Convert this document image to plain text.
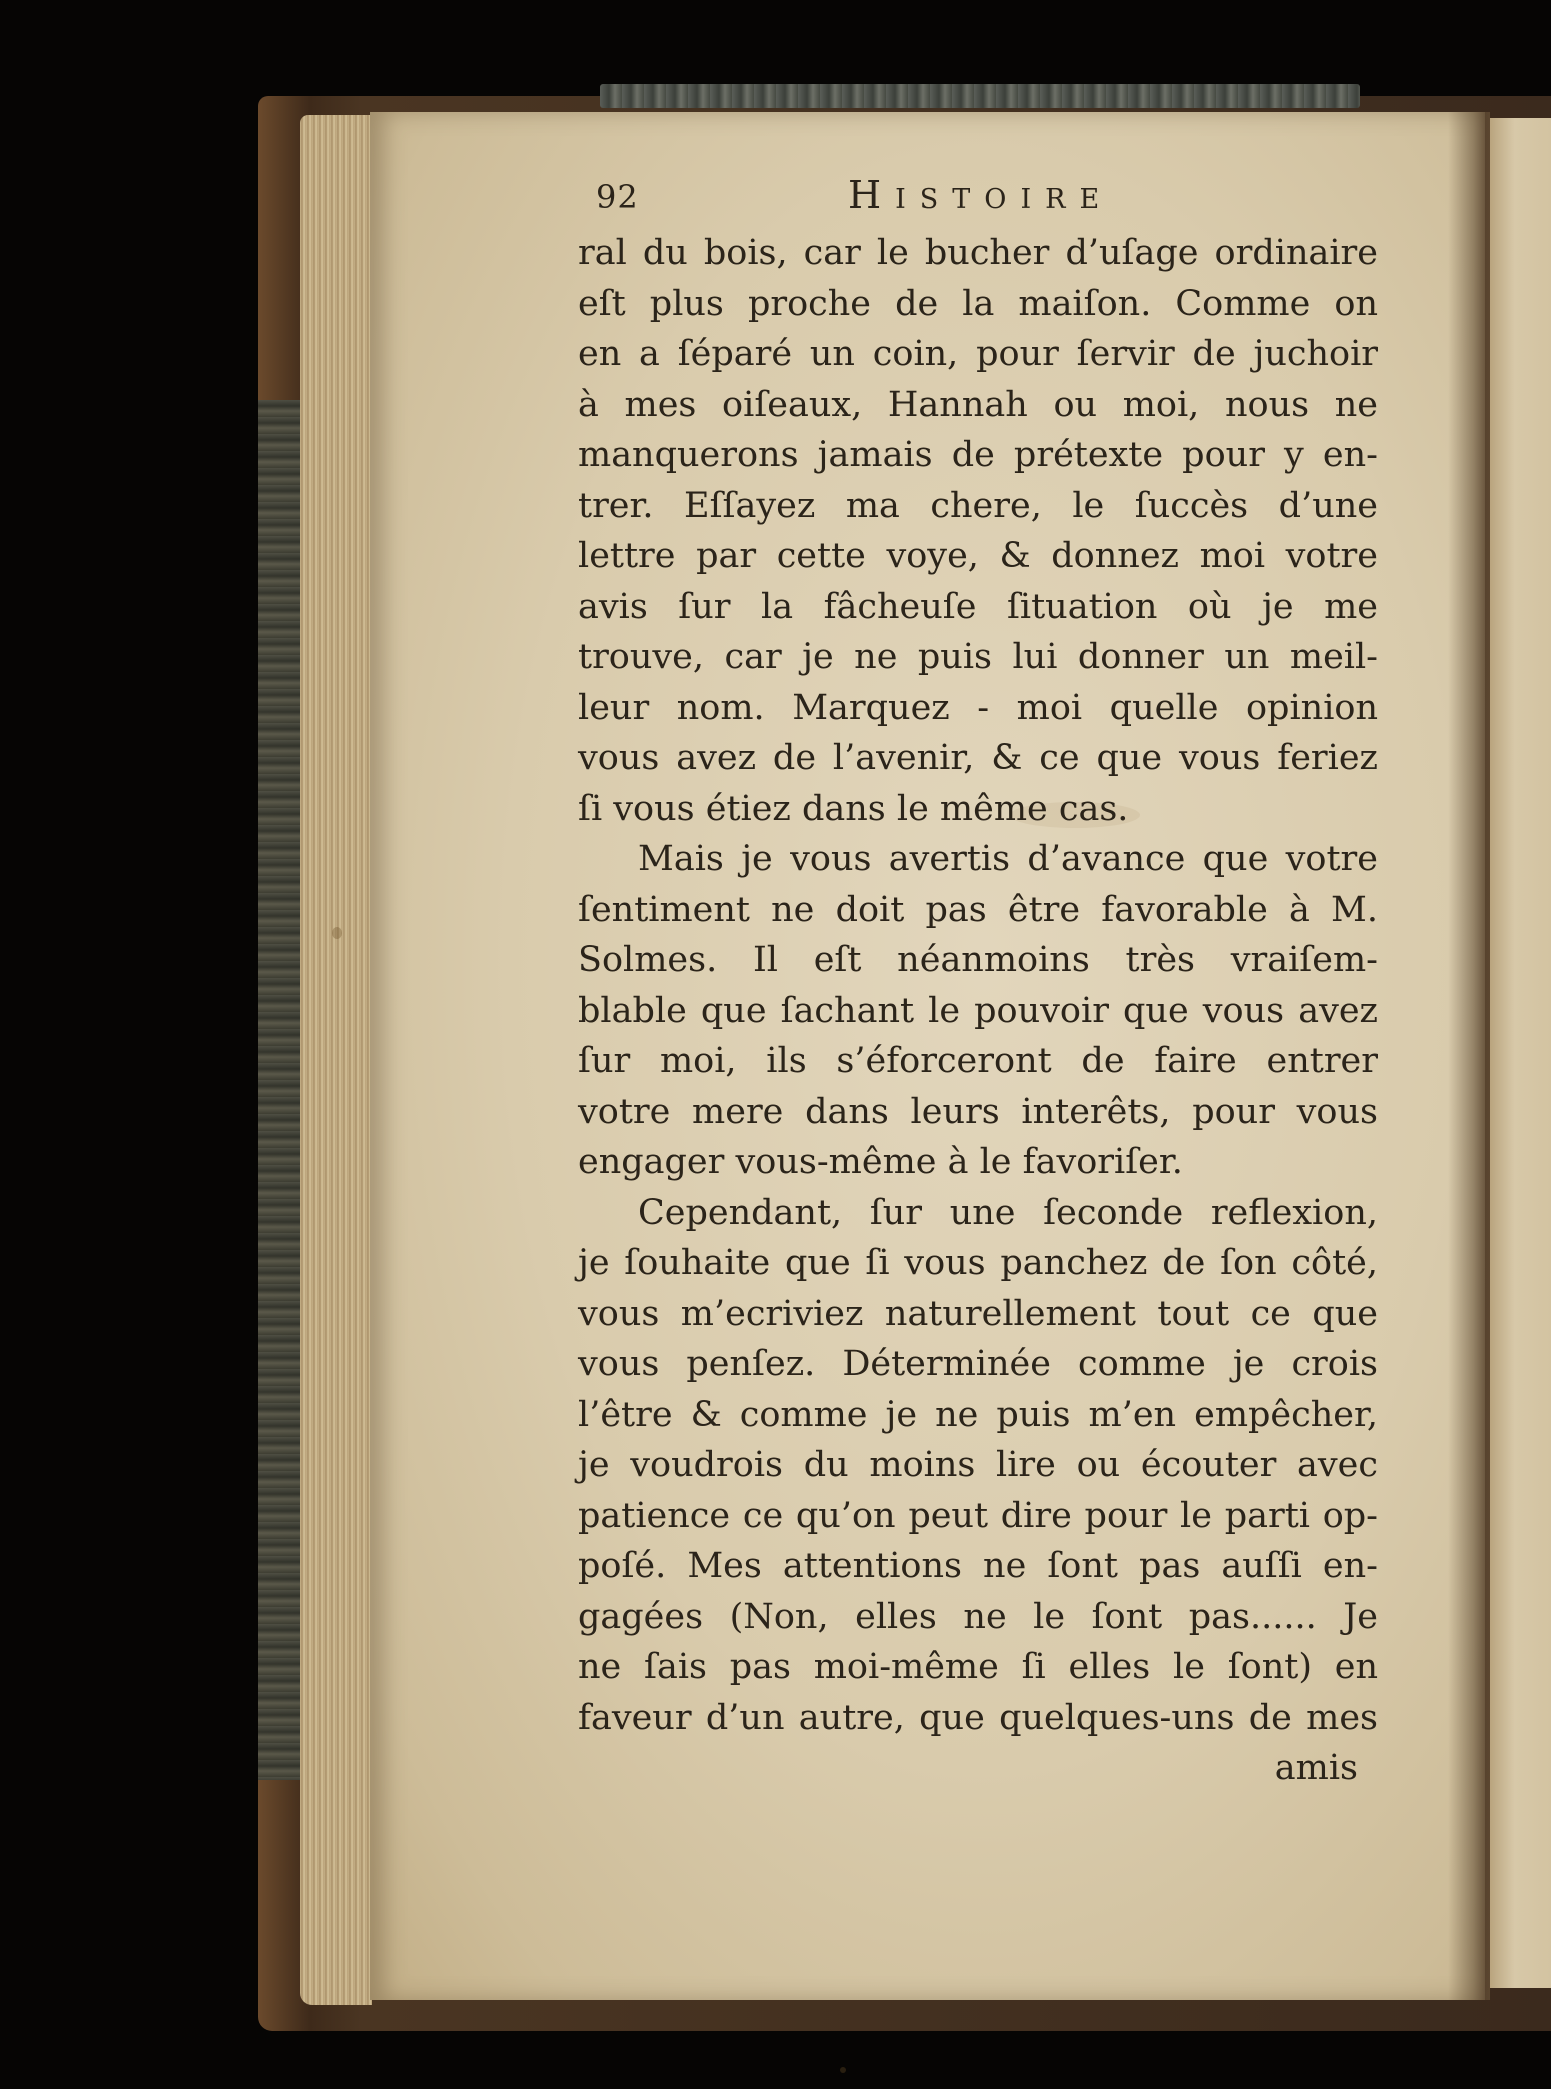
92	Histoire
ral du bois, car le bucher d’uſage ordinaire
eſt plus proche de la maiſon. Comme on
en a ſéparé un coin, pour ſervir de juchoir
à mes oiſeaux, Hannah ou moi, nous ne
manquerons jamais de prétexte pour y en-
trer. Eſſayez ma chere, le ſuccès d’une
lettre par cette voye, & donnez moi votre
avis ſur la fâcheuſe ſituation où je me
trouve, car je ne puis lui donner un meil-
leur nom. Marquez - moi quelle opinion
vous avez de l’avenir, & ce que vous feriez
ſi vous étiez dans le même cas.
Mais je vous avertis d’avance que votre
ſentiment ne doit pas être favorable à M.
Solmes. Il eſt néanmoins très vraiſem-
blable que ſachant le pouvoir que vous avez
ſur moi, ils s’éforceront de faire entrer
votre mere dans leurs interêts, pour vous
engager vous-même à le favoriſer.
Cependant, ſur une ſeconde reflexion,
je ſouhaite que ſi vous panchez de ſon côté,
vous m’ecriviez naturellement tout ce que
vous penſez. Déterminée comme je crois
l’être & comme je ne puis m’en empêcher,
je voudrois du moins lire ou écouter avec
patience ce qu’on peut dire pour le parti op-
poſé. Mes attentions ne ſont pas auſſi en-
gagées (Non, elles ne le ſont pas...... Je
ne ſais pas moi-même ſi elles le ſont) en
faveur d’un autre, que quelques-uns de mes
amis
